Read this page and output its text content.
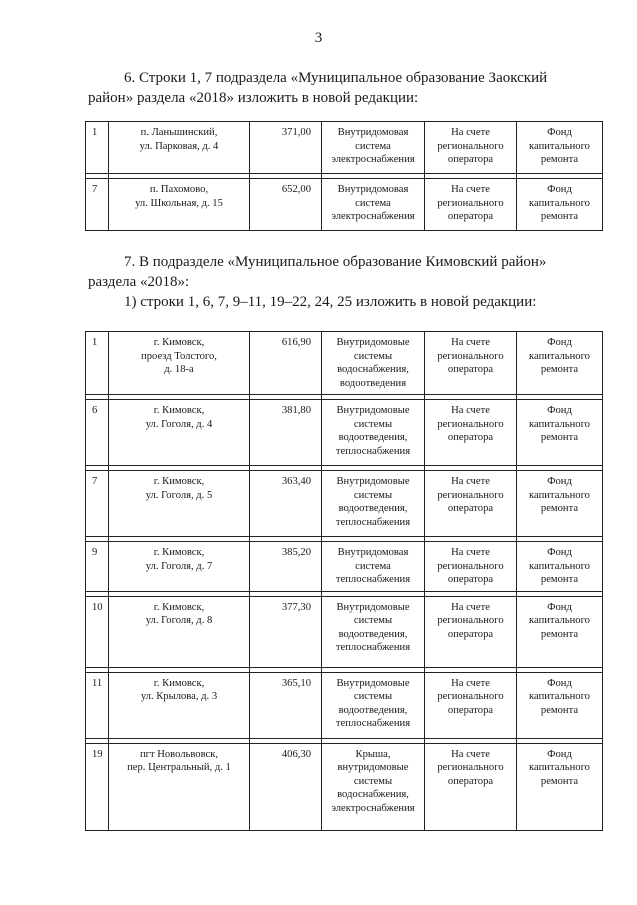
3
6. Строки 1, 7 подраздела «Муниципальное образование Заокский
район» раздела «2018» изложить в новой редакции:
1	п. Ланьшинский,
ул. Парковая, д. 4	371,00	Внутридомовая
система
электроснабжения	На счете
регионального
оператора	Фонд
капитального
ремонта

7	п. Пахомово,
ул. Школьная, д. 15	652,00	Внутридомовая
система
электроснабжения	На счете
регионального
оператора	Фонд
капитального
ремонта
7. В подразделе «Муниципальное образование Кимовский район»
раздела «2018»:
1) строки 1, 6, 7, 9–11, 19–22, 24, 25 изложить в новой редакции:
1	г. Кимовск,
проезд Толстого,
д. 18-а	616,90	Внутридомовые
системы
водоснабжения,
водоотведения	На счете
регионального
оператора	Фонд
капитального
ремонта

6	г. Кимовск,
ул. Гоголя, д. 4	381,80	Внутридомовые
системы
водоотведения,
теплоснабжения	На счете
регионального
оператора	Фонд
капитального
ремонта

7	г. Кимовск,
ул. Гоголя, д. 5	363,40	Внутридомовые
системы
водоотведения,
теплоснабжения	На счете
регионального
оператора	Фонд
капитального
ремонта

9	г. Кимовск,
ул. Гоголя, д. 7	385,20	Внутридомовая
система
теплоснабжения	На счете
регионального
оператора	Фонд
капитального
ремонта

10	г. Кимовск,
ул. Гоголя, д. 8	377,30	Внутридомовые
системы
водоотведения,
теплоснабжения	На счете
регионального
оператора	Фонд
капитального
ремонта

11	г. Кимовск,
ул. Крылова, д. 3	365,10	Внутридомовые
системы
водоотведения,
теплоснабжения	На счете
регионального
оператора	Фонд
капитального
ремонта

19	пгт Новольвовск,
пер. Центральный, д. 1	406,30	Крыша,
внутридомовые
системы
водоснабжения,
электроснабжения	На счете
регионального
оператора	Фонд
капитального
ремонта
